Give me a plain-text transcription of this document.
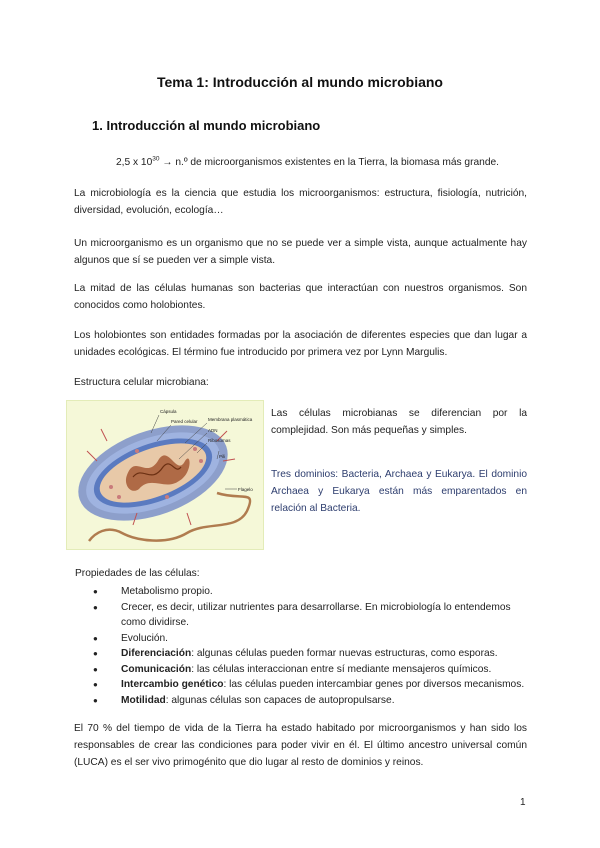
Tema 1: Introducción al mundo microbiano
1. Introducción al mundo microbiano
2,5 x $10^{30}$ → n.º de microorganismos existentes en la Tierra, la biomasa más grande.
La microbiología es la ciencia que estudia los microorganismos: estructura, fisiología, nutrición, diversidad, evolución, ecología…
Un microorganismo es un organismo que no se puede ver a simple vista, aunque actualmente hay algunos que sí se pueden ver a simple vista.
La mitad de las células humanas son bacterias que interactúan con nuestros organismos. Son conocidos como holobiontes.
Los holobiontes son entidades formadas por la asociación de diferentes especies que dan lugar a unidades ecológicas. El término fue introducido por primera vez por Lynn Margulis.
Estructura celular microbiana:
Cápsula
Pared celular Membrana plasmática
ADN
Ribosomas
Pili
Flagelo
Las células microbianas se diferencian por la complejidad. Son más pequeñas y simples.
Tres dominios: Bacteria, Archaea y Eukarya. El dominio Archaea y Eukarya están más emparentados en relación al Bacteria.
Propiedades de las células:
● Metabolismo propio.
● Crecer, es decir, utilizar nutrientes para desarrollarse. En microbiología lo entendemos como dividirse.
● Evolución.
● Diferenciación: algunas células pueden formar nuevas estructuras, como esporas.
● Comunicación: las células interaccionan entre sí mediante mensajeros químicos.
● Intercambio genético: las células pueden intercambiar genes por diversos mecanismos.
● Motilidad: algunas células son capaces de autopropulsarse.
El 70 % del tiempo de vida de la Tierra ha estado habitado por microorganismos y han sido los responsables de crear las condiciones para poder vivir en él. El último ancestro universal común (LUCA) es el ser vivo primogénito que dio lugar al resto de dominios y reinos.
1
